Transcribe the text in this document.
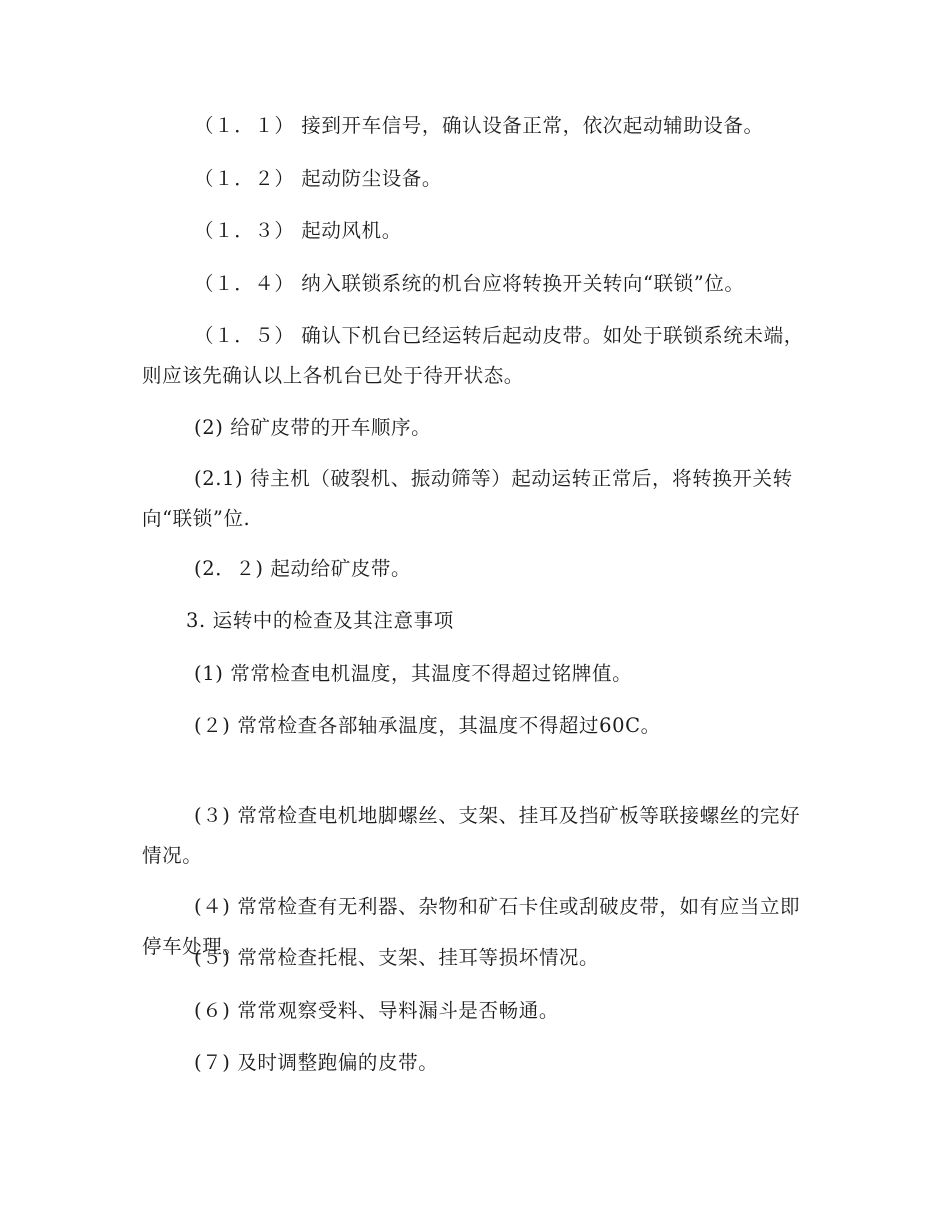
（１．１） 接到开车信号，确认设备正常，依次起动辅助设备。

（１．２） 起动防尘设备。

（１．３） 起动风机。

（１．４） 纳入联锁系统的机台应将转换开关转向“联锁”位。

（１．５） 确认下机台已经运转后起动皮带。如处于联锁系统未端，则应该先确认以上各机台已处于待开状态。

(2) 给矿皮带的开车顺序。

(2.1) 待主机（破裂机、振动筛等）起动运转正常后，将转换开关转向“联锁”位.

(2．２) 起动给矿皮带。

3. 运转中的检查及其注意事项

(1) 常常检查电机温度，其温度不得超过铭牌值。

(２) 常常检查各部轴承温度，其温度不得超过60C。

(３) 常常检查电机地脚螺丝、支架、挂耳及挡矿板等联接螺丝的完好情况。

(４) 常常检查有无利器、杂物和矿石卡住或刮破皮带，如有应当立即停车处理。

(５) 常常检查托棍、支架、挂耳等损坏情况。

(６) 常常观察受料、导料漏斗是否畅通。

(７) 及时调整跑偏的皮带。
